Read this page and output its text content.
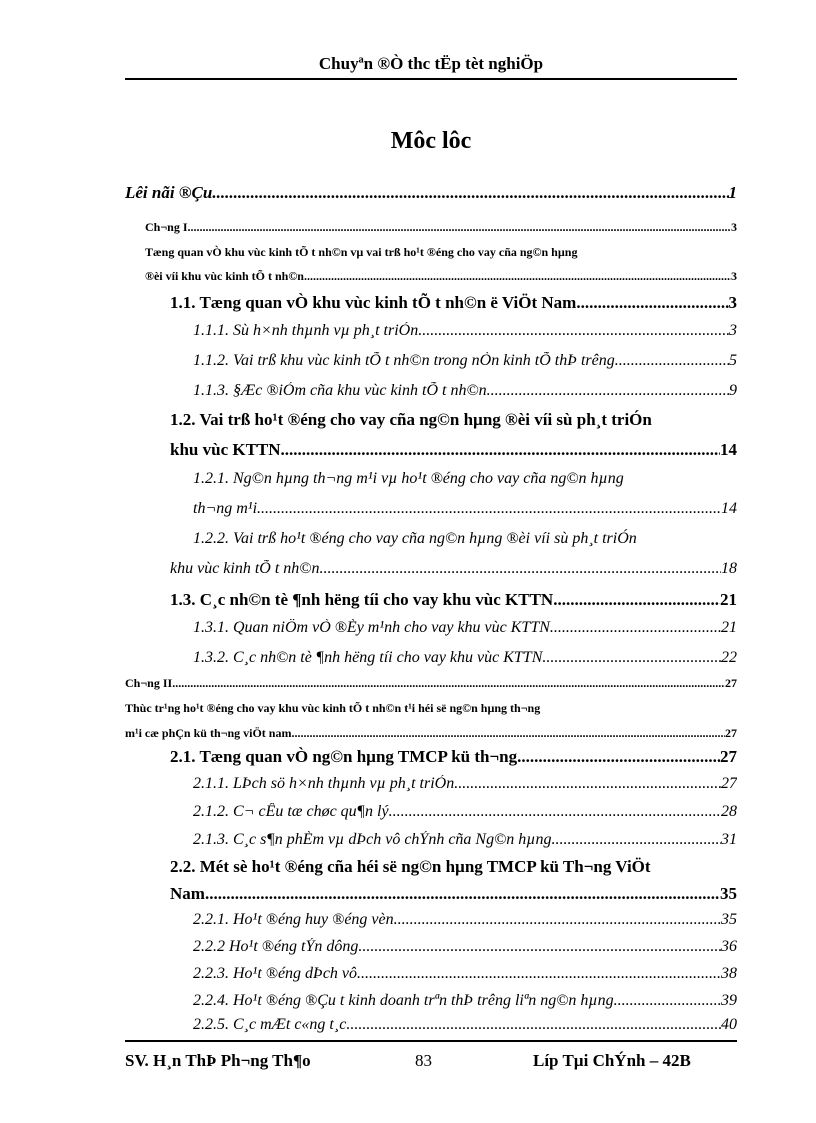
Chuyªn ®Ò thc tËp tèt nghiÖp
Môc lôc
Lêi nãi ®Çu .....	1
Ch¬ng I .....	3
Tæng quan vÒ khu vùc kinh tÕ t nh©n vµ vai trß ho¹t ®éng cho vay cña ng©n hµng
®èi víi khu vùc kinh tÕ t nh©n .....	3
1.1. Tæng quan vÒ khu vùc kinh tÕ t nh©n ë ViÖt Nam .....	3
1.1.1. Sù h×nh thµnh vµ ph¸t triÓn .....	3
1.1.2. Vai trß khu vùc kinh tÕ t nh©n trong nÒn kinh tÕ thÞ trêng .....	5
1.1.3. §Æc ®iÓm cña khu vùc kinh tÕ t nh©n .....	9
1.2. Vai trß ho¹t ®éng cho vay cña ng©n hµng ®èi víi sù ph¸t triÓn
khu vùc KTTN .....	14
1.2.1. Ng©n hµng th¬ng m¹i vµ ho¹t ®éng cho vay cña ng©n hµng
th¬ng m¹i .....	14
1.2.2. Vai trß ho¹t ®éng cho vay cña ng©n hµng ®èi víi sù ph¸t triÓn
khu vùc kinh tÕ t nh©n .....	18
1.3. C¸c nh©n tè ¶nh hëng tíi cho vay khu vùc KTTN .....	21
1.3.1. Quan niÖm vÒ ®Èy m¹nh cho vay khu vùc KTTN .....	21
1.3.2. C¸c nh©n tè ¶nh hëng tíi cho vay khu vùc KTTN .....	22
Ch¬ng II .....	27
Thùc tr¹ng ho¹t ®éng cho vay khu vùc kinh tÕ t nh©n t¹i héi së ng©n hµng th¬ng
m¹i cæ phÇn kü th¬ng viÖt nam .....	27
2.1. Tæng quan vÒ ng©n hµng TMCP kü th¬ng .....	27
2.1.1. LÞch sö h×nh thµnh vµ ph¸t triÓn .....	27
2.1.2. C¬ cÊu tæ chøc qu¶n lý .....	28
2.1.3. C¸c s¶n phÈm vµ dÞch vô chÝnh cña Ng©n hµng .....	31
2.2. Mét sè ho¹t ®éng cña héi së ng©n hµng TMCP kü Th¬ng ViÖt
Nam .....	35
2.2.1. Ho¹t ®éng huy ®éng vèn .....	35
2.2.2 Ho¹t ®éng tÝn dông .....	36
2.2.3. Ho¹t ®éng dÞch vô .....	38
2.2.4. Ho¹t ®éng ®Çu t kinh doanh trªn thÞ trêng liªn ng©n hµng. .....	39
2.2.5. C¸c mÆt c«ng t¸c .....	40
SV. H¸n ThÞ Ph¬ng Th¶o	83	Líp Tµi ChÝnh – 42B
